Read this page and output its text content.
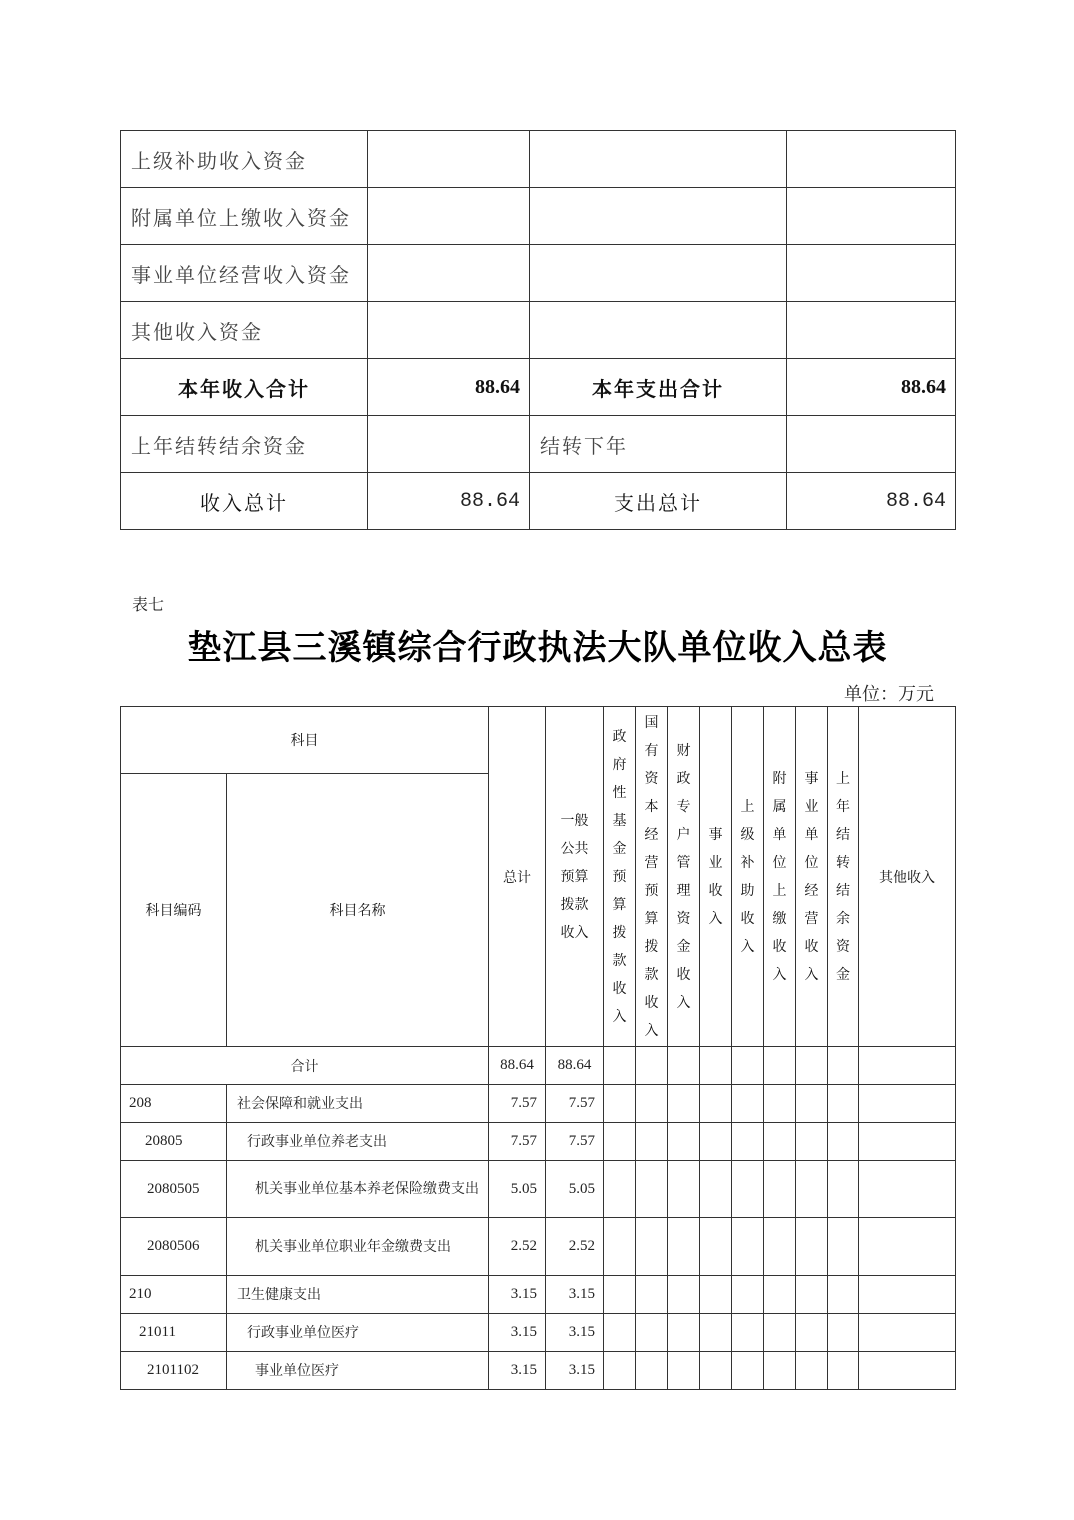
上级补助收入资金			
附属单位上缴收入资金			
事业单位经营收入资金			
其他收入资金			
本年收入合计	88.64	本年支出合计	88.64
上年结转结余资金		结转下年	
收入总计	88.64	支出总计	88.64
表七
垫江县三溪镇综合行政执法大队单位收入总表
单位：万元
科目		总计	一般公共预算拨款收入	政府性基金预算拨款收入	国有资本经营预算拨款收入	财政专户管理资金收入	事业收入	上级补助收入	附属单位上缴收入	事业单位经营收入	上年结转结余资金	其他收入
科目编码	科目名称											
合计		88.64	88.64									
208	社会保障和就业支出	7.57	7.57									
20805	行政事业单位养老支出	7.57	7.57									
2080505	机关事业单位基本养老保险缴费支出	5.05	5.05									
2080506	机关事业单位职业年金缴费支出	2.52	2.52									
210	卫生健康支出	3.15	3.15									
21011	行政事业单位医疗	3.15	3.15									
2101102	事业单位医疗	3.15	3.15									
